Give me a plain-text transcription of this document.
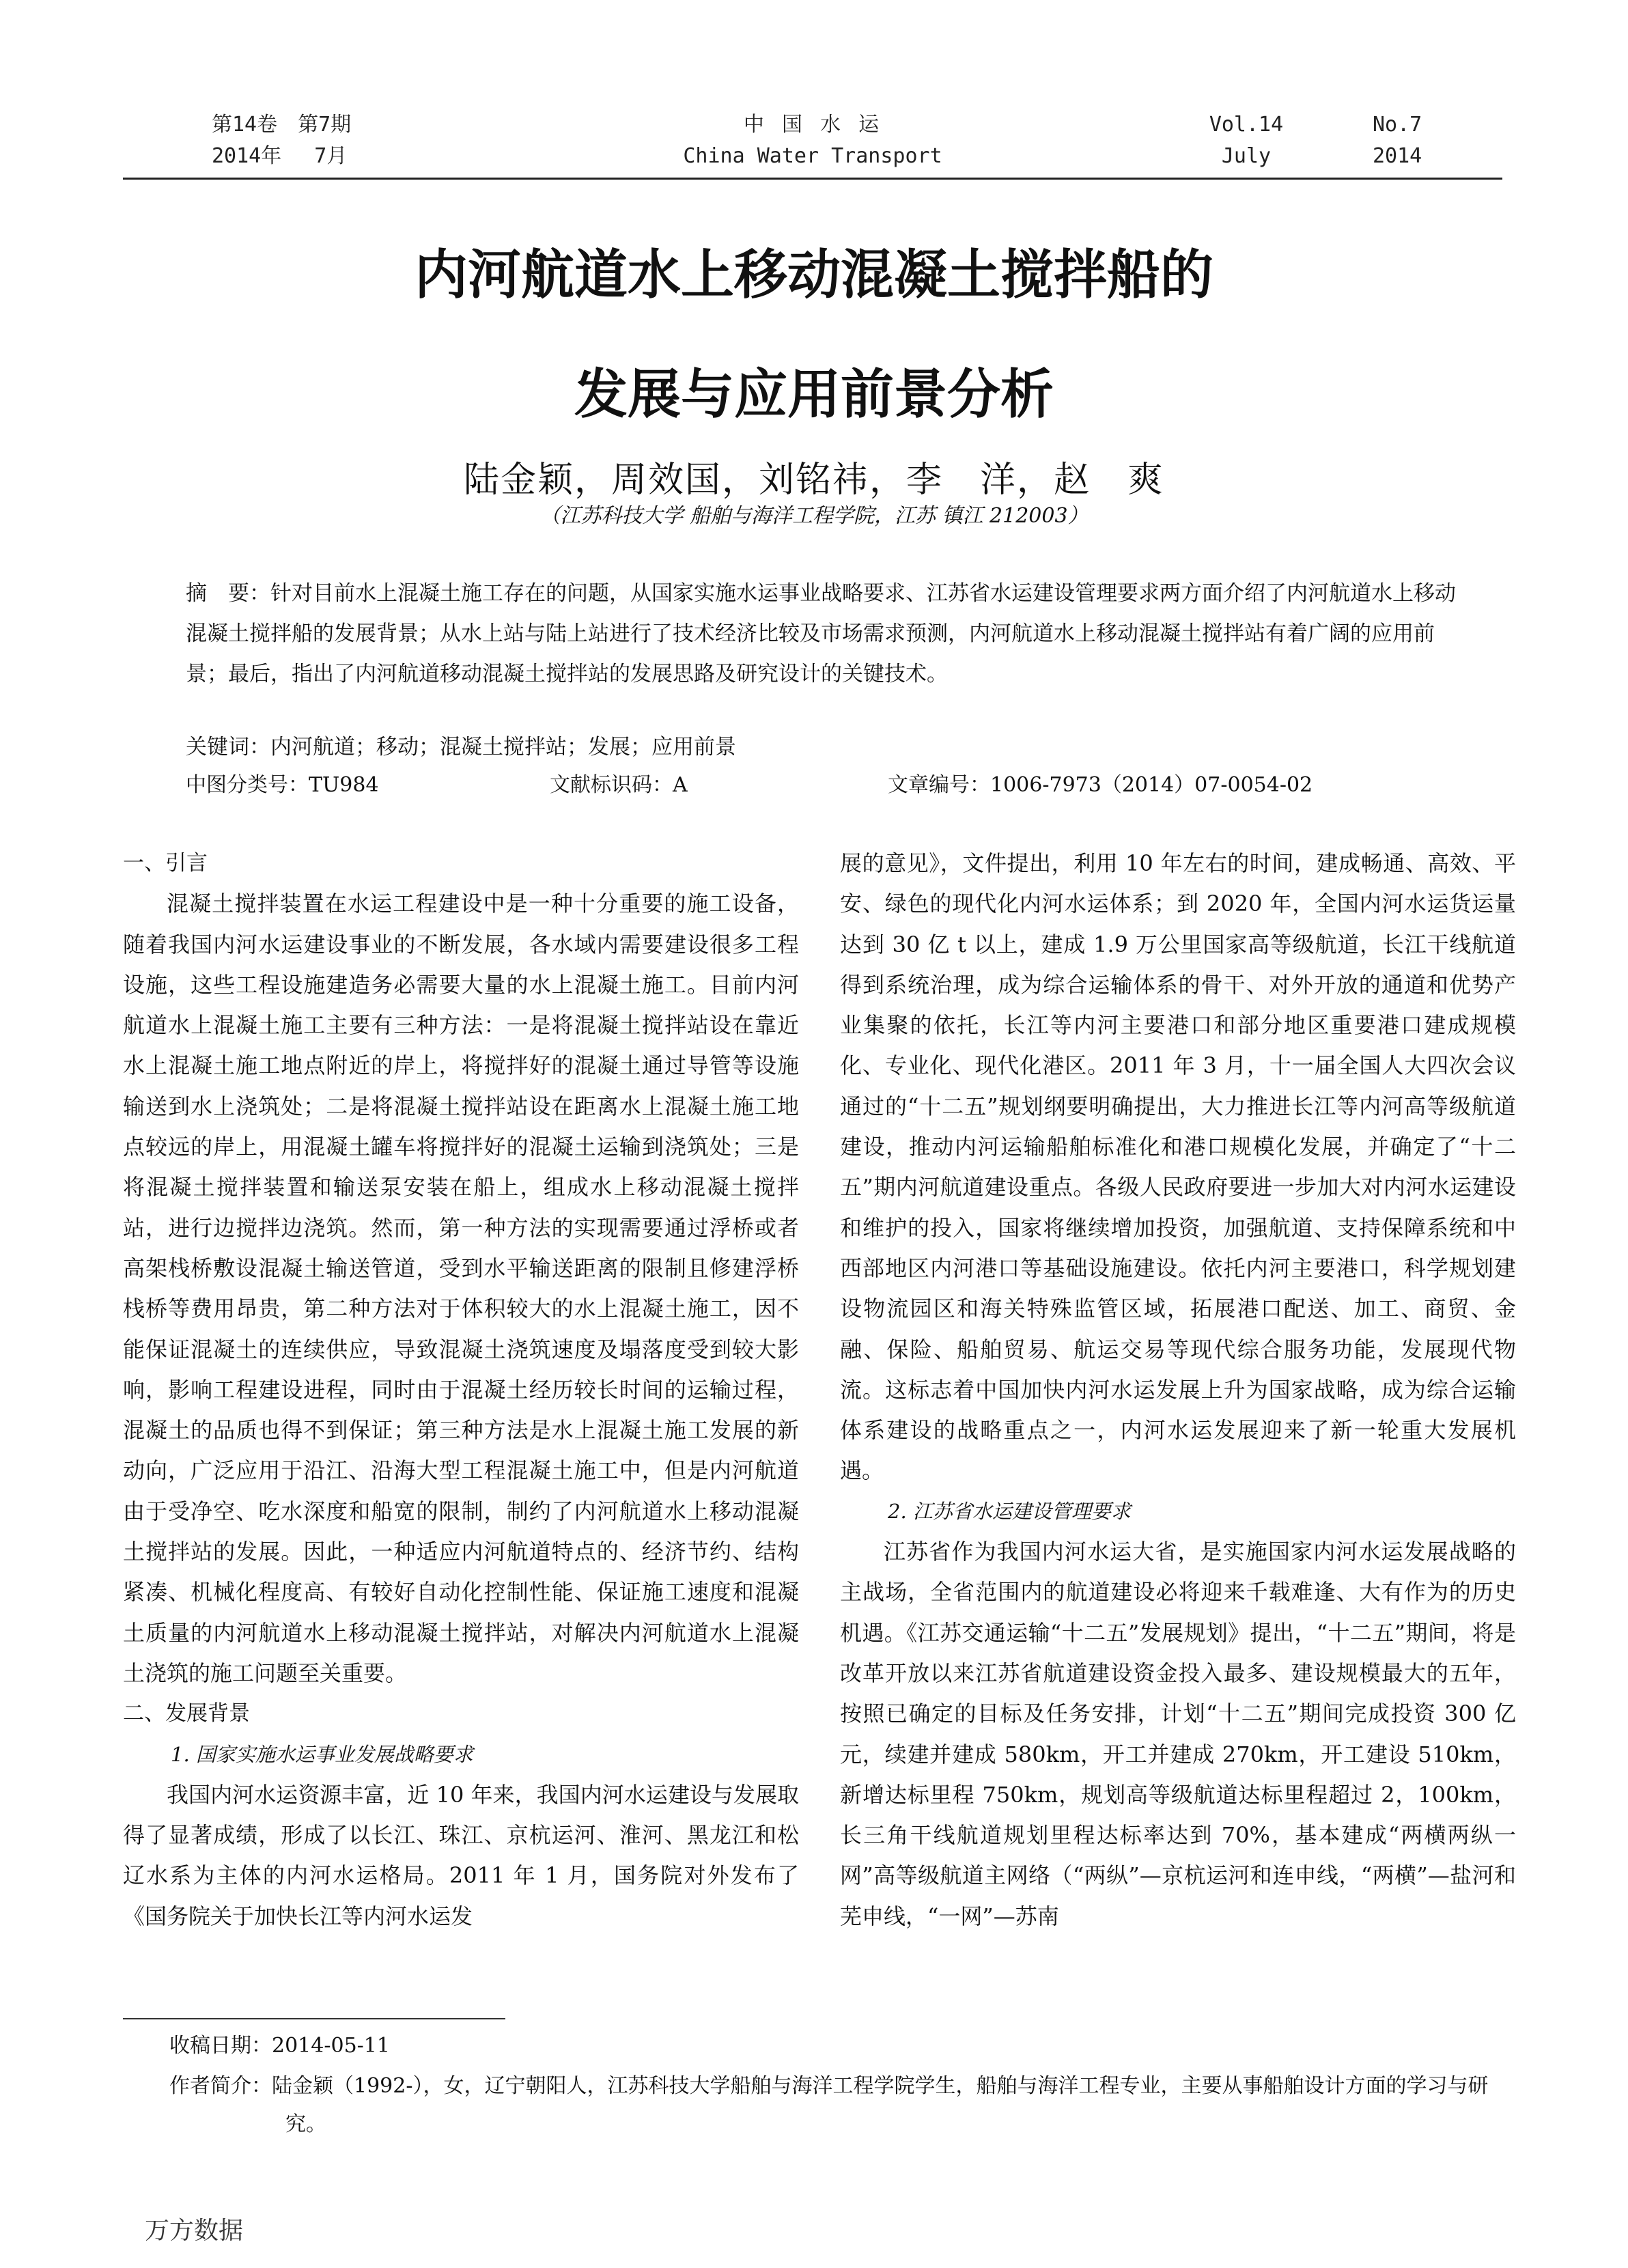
第14卷　第7期
2014年　 7月
中 国 水 运
China Water Transport
Vol.14
July
No.7
2014
内河航道水上移动混凝土搅拌船的
发展与应用前景分析
陆金颖，周效国，刘铭祎，李　洋，赵　爽
（江苏科技大学 船舶与海洋工程学院，江苏 镇江 212003）
摘　要：针对目前水上混凝土施工存在的问题，从国家实施水运事业战略要求、江苏省水运建设管理要求两方面介绍了内河航道水上移动混凝土搅拌船的发展背景；从水上站与陆上站进行了技术经济比较及市场需求预测，内河航道水上移动混凝土搅拌站有着广阔的应用前景；最后，指出了内河航道移动混凝土搅拌站的发展思路及研究设计的关键技术。
关键词：内河航道；移动；混凝土搅拌站；发展；应用前景
中图分类号：TU984	文献标识码：A	文章编号：1006-7973（2014）07-0054-02
一、引言

混凝土搅拌装置在水运工程建设中是一种十分重要的施工设备，随着我国内河水运建设事业的不断发展，各水域内需要建设很多工程设施，这些工程设施建造务必需要大量的水上混凝土施工。目前内河航道水上混凝土施工主要有三种方法：一是将混凝土搅拌站设在靠近水上混凝土施工地点附近的岸上，将搅拌好的混凝土通过导管等设施输送到水上浇筑处；二是将混凝土搅拌站设在距离水上混凝土施工地点较远的岸上，用混凝土罐车将搅拌好的混凝土运输到浇筑处；三是将混凝土搅拌装置和输送泵安装在船上，组成水上移动混凝土搅拌站，进行边搅拌边浇筑。然而，第一种方法的实现需要通过浮桥或者高架栈桥敷设混凝土输送管道，受到水平输送距离的限制且修建浮桥栈桥等费用昂贵，第二种方法对于体积较大的水上混凝土施工，因不能保证混凝土的连续供应，导致混凝土浇筑速度及塌落度受到较大影响，影响工程建设进程，同时由于混凝土经历较长时间的运输过程，混凝土的品质也得不到保证；第三种方法是水上混凝土施工发展的新动向，广泛应用于沿江、沿海大型工程混凝土施工中，但是内河航道由于受净空、吃水深度和船宽的限制，制约了内河航道水上移动混凝土搅拌站的发展。因此，一种适应内河航道特点的、经济节约、结构紧凑、机械化程度高、有较好自动化控制性能、保证施工速度和混凝土质量的内河航道水上移动混凝土搅拌站，对解决内河航道水上混凝土浇筑的施工问题至关重要。

二、发展背景
1. 国家实施水运事业发展战略要求

我国内河水运资源丰富，近 10 年来，我国内河水运建设与发展取得了显著成绩，形成了以长江、珠江、京杭运河、淮河、黑龙江和松辽水系为主体的内河水运格局。2011 年 1 月，国务院对外发布了《国务院关于加快长江等内河水运发

展的意见》，文件提出，利用 10 年左右的时间，建成畅通、高效、平安、绿色的现代化内河水运体系；到 2020 年，全国内河水运货运量达到 30 亿 t 以上，建成 1.9 万公里国家高等级航道，长江干线航道得到系统治理，成为综合运输体系的骨干、对外开放的通道和优势产业集聚的依托，长江等内河主要港口和部分地区重要港口建成规模化、专业化、现代化港区。2011 年 3 月，十一届全国人大四次会议通过的“十二五”规划纲要明确提出，大力推进长江等内河高等级航道建设，推动内河运输船舶标准化和港口规模化发展，并确定了“十二五”期内河航道建设重点。各级人民政府要进一步加大对内河水运建设和维护的投入，国家将继续增加投资，加强航道、支持保障系统和中西部地区内河港口等基础设施建设。依托内河主要港口，科学规划建设物流园区和海关特殊监管区域，拓展港口配送、加工、商贸、金融、保险、船舶贸易、航运交易等现代综合服务功能，发展现代物流。这标志着中国加快内河水运发展上升为国家战略，成为综合运输体系建设的战略重点之一，内河水运发展迎来了新一轮重大发展机遇。

2. 江苏省水运建设管理要求

江苏省作为我国内河水运大省，是实施国家内河水运发展战略的主战场，全省范围内的航道建设必将迎来千载难逢、大有作为的历史机遇。《江苏交通运输“十二五”发展规划》提出，“十二五”期间，将是改革开放以来江苏省航道建设资金投入最多、建设规模最大的五年，按照已确定的目标及任务安排，计划“十二五”期间完成投资 300 亿元，续建并建成 580km，开工并建成 270km，开工建设 510km，新增达标里程 750km，规划高等级航道达标里程超过 2，100km，长三角干线航道规划里程达标率达到 70%，基本建成“两横两纵一网”高等级航道主网络（“两纵”—京杭运河和连申线，“两横”—盐河和芜申线，“一网”—苏南

收稿日期：2014-05-11
作者简介：陆金颖（1992-），女，辽宁朝阳人，江苏科技大学船舶与海洋工程学院学生，船舶与海洋工程专业，主要从事船舶设计方面的学习与研究。
万方数据
